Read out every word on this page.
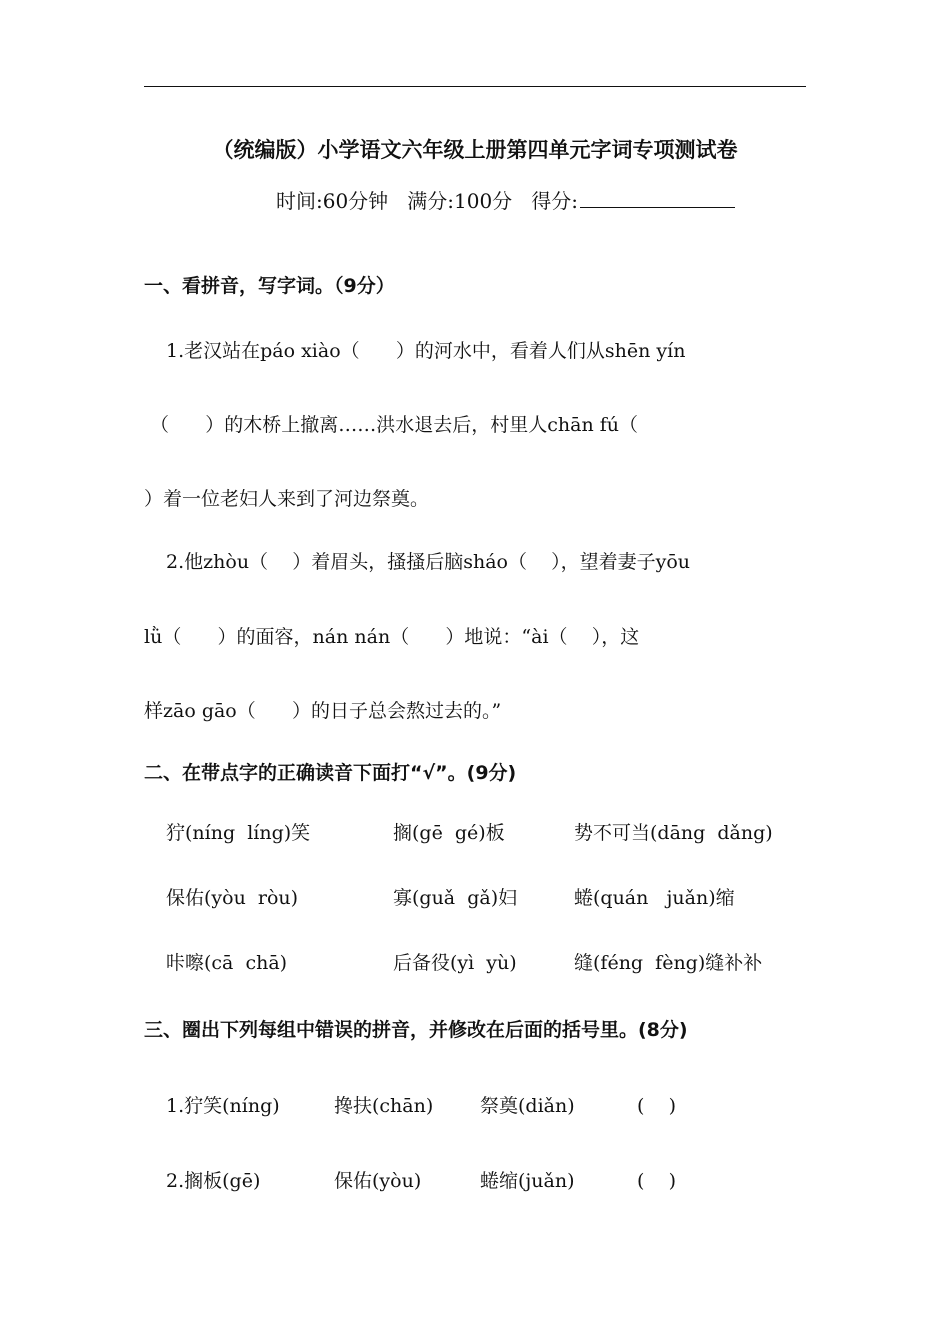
（统编版）小学语文六年级上册第四单元字词专项测试卷
时间:60分钟   满分:100分   得分:
一、看拼音，写字词。（9分）
1.老汉站在páo xiào（      ）的河水中，看着人们从shēn yín
（      ）的木桥上撤离……洪水退去后，村里人chān fú（
）着一位老妇人来到了河边祭奠。
2.他zhòu（    ）着眉头，搔搔后脑sháo（    ），望着妻子yōu
lǜ（      ）的面容，nán nán（      ）地说：“ài（    ），这
样zāo gāo（      ）的日子总会熬过去的。”
二、在带点字的正确读音下面打“√”。(9分)
狞(níng  líng)笑	搁(gē  gé)板	势不可当(dāng  dǎng)
保佑(yòu  ròu)	寡(guǎ  gǎ)妇	蜷(quán   juǎn)缩
咔嚓(cā  chā)	后备役(yì  yù)	缝(féng  fèng)缝补补
三、圈出下列每组中错误的拼音，并修改在后面的括号里。(8分)
1.狞笑(níng)	搀扶(chān) 祭奠(diǎn)	(    )
2.搁板(gē)	保佑(yòu)	蜷缩(juǎn)	(    )
